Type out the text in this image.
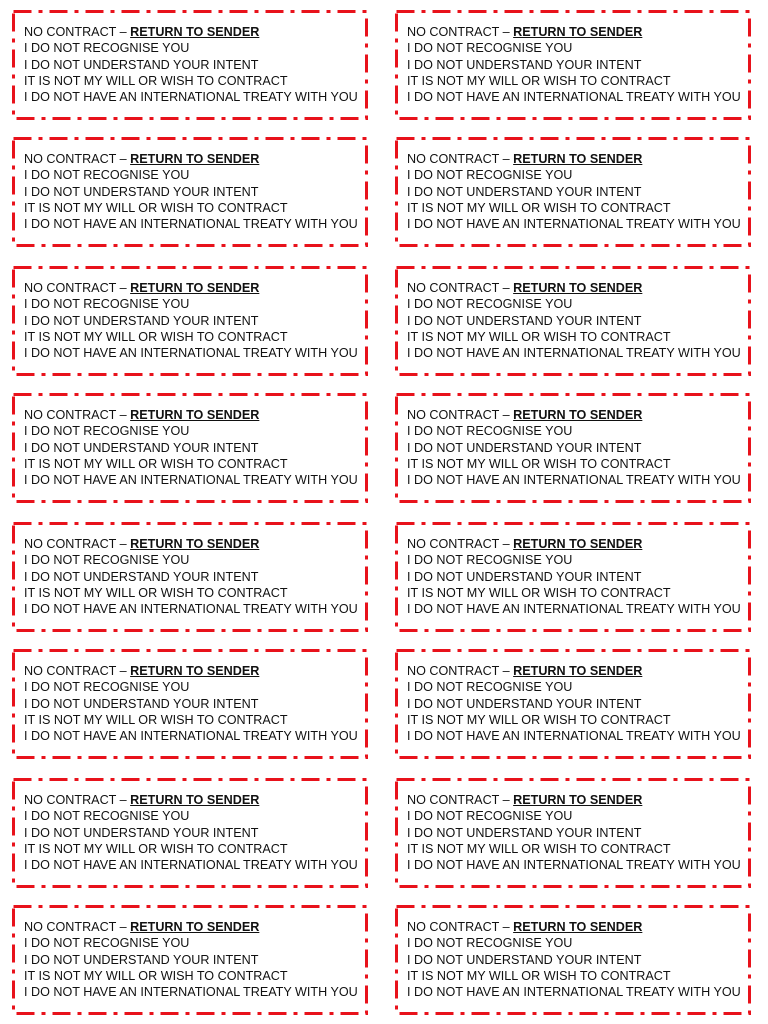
NO CONTRACT – RETURN TO SENDER
I DO NOT RECOGNISE YOU
I DO NOT UNDERSTAND YOUR INTENT
IT IS NOT MY WILL OR WISH TO CONTRACT
I DO NOT HAVE AN INTERNATIONAL TREATY WITH YOU
NO CONTRACT – RETURN TO SENDER
I DO NOT RECOGNISE YOU
I DO NOT UNDERSTAND YOUR INTENT
IT IS NOT MY WILL OR WISH TO CONTRACT
I DO NOT HAVE AN INTERNATIONAL TREATY WITH YOU
NO CONTRACT – RETURN TO SENDER
I DO NOT RECOGNISE YOU
I DO NOT UNDERSTAND YOUR INTENT
IT IS NOT MY WILL OR WISH TO CONTRACT
I DO NOT HAVE AN INTERNATIONAL TREATY WITH YOU
NO CONTRACT – RETURN TO SENDER
I DO NOT RECOGNISE YOU
I DO NOT UNDERSTAND YOUR INTENT
IT IS NOT MY WILL OR WISH TO CONTRACT
I DO NOT HAVE AN INTERNATIONAL TREATY WITH YOU
NO CONTRACT – RETURN TO SENDER
I DO NOT RECOGNISE YOU
I DO NOT UNDERSTAND YOUR INTENT
IT IS NOT MY WILL OR WISH TO CONTRACT
I DO NOT HAVE AN INTERNATIONAL TREATY WITH YOU
NO CONTRACT – RETURN TO SENDER
I DO NOT RECOGNISE YOU
I DO NOT UNDERSTAND YOUR INTENT
IT IS NOT MY WILL OR WISH TO CONTRACT
I DO NOT HAVE AN INTERNATIONAL TREATY WITH YOU
NO CONTRACT – RETURN TO SENDER
I DO NOT RECOGNISE YOU
I DO NOT UNDERSTAND YOUR INTENT
IT IS NOT MY WILL OR WISH TO CONTRACT
I DO NOT HAVE AN INTERNATIONAL TREATY WITH YOU
NO CONTRACT – RETURN TO SENDER
I DO NOT RECOGNISE YOU
I DO NOT UNDERSTAND YOUR INTENT
IT IS NOT MY WILL OR WISH TO CONTRACT
I DO NOT HAVE AN INTERNATIONAL TREATY WITH YOU
NO CONTRACT – RETURN TO SENDER
I DO NOT RECOGNISE YOU
I DO NOT UNDERSTAND YOUR INTENT
IT IS NOT MY WILL OR WISH TO CONTRACT
I DO NOT HAVE AN INTERNATIONAL TREATY WITH YOU
NO CONTRACT – RETURN TO SENDER
I DO NOT RECOGNISE YOU
I DO NOT UNDERSTAND YOUR INTENT
IT IS NOT MY WILL OR WISH TO CONTRACT
I DO NOT HAVE AN INTERNATIONAL TREATY WITH YOU
NO CONTRACT – RETURN TO SENDER
I DO NOT RECOGNISE YOU
I DO NOT UNDERSTAND YOUR INTENT
IT IS NOT MY WILL OR WISH TO CONTRACT
I DO NOT HAVE AN INTERNATIONAL TREATY WITH YOU
NO CONTRACT – RETURN TO SENDER
I DO NOT RECOGNISE YOU
I DO NOT UNDERSTAND YOUR INTENT
IT IS NOT MY WILL OR WISH TO CONTRACT
I DO NOT HAVE AN INTERNATIONAL TREATY WITH YOU
NO CONTRACT – RETURN TO SENDER
I DO NOT RECOGNISE YOU
I DO NOT UNDERSTAND YOUR INTENT
IT IS NOT MY WILL OR WISH TO CONTRACT
I DO NOT HAVE AN INTERNATIONAL TREATY WITH YOU
NO CONTRACT – RETURN TO SENDER
I DO NOT RECOGNISE YOU
I DO NOT UNDERSTAND YOUR INTENT
IT IS NOT MY WILL OR WISH TO CONTRACT
I DO NOT HAVE AN INTERNATIONAL TREATY WITH YOU
NO CONTRACT – RETURN TO SENDER
I DO NOT RECOGNISE YOU
I DO NOT UNDERSTAND YOUR INTENT
IT IS NOT MY WILL OR WISH TO CONTRACT
I DO NOT HAVE AN INTERNATIONAL TREATY WITH YOU
NO CONTRACT – RETURN TO SENDER
I DO NOT RECOGNISE YOU
I DO NOT UNDERSTAND YOUR INTENT
IT IS NOT MY WILL OR WISH TO CONTRACT
I DO NOT HAVE AN INTERNATIONAL TREATY WITH YOU
